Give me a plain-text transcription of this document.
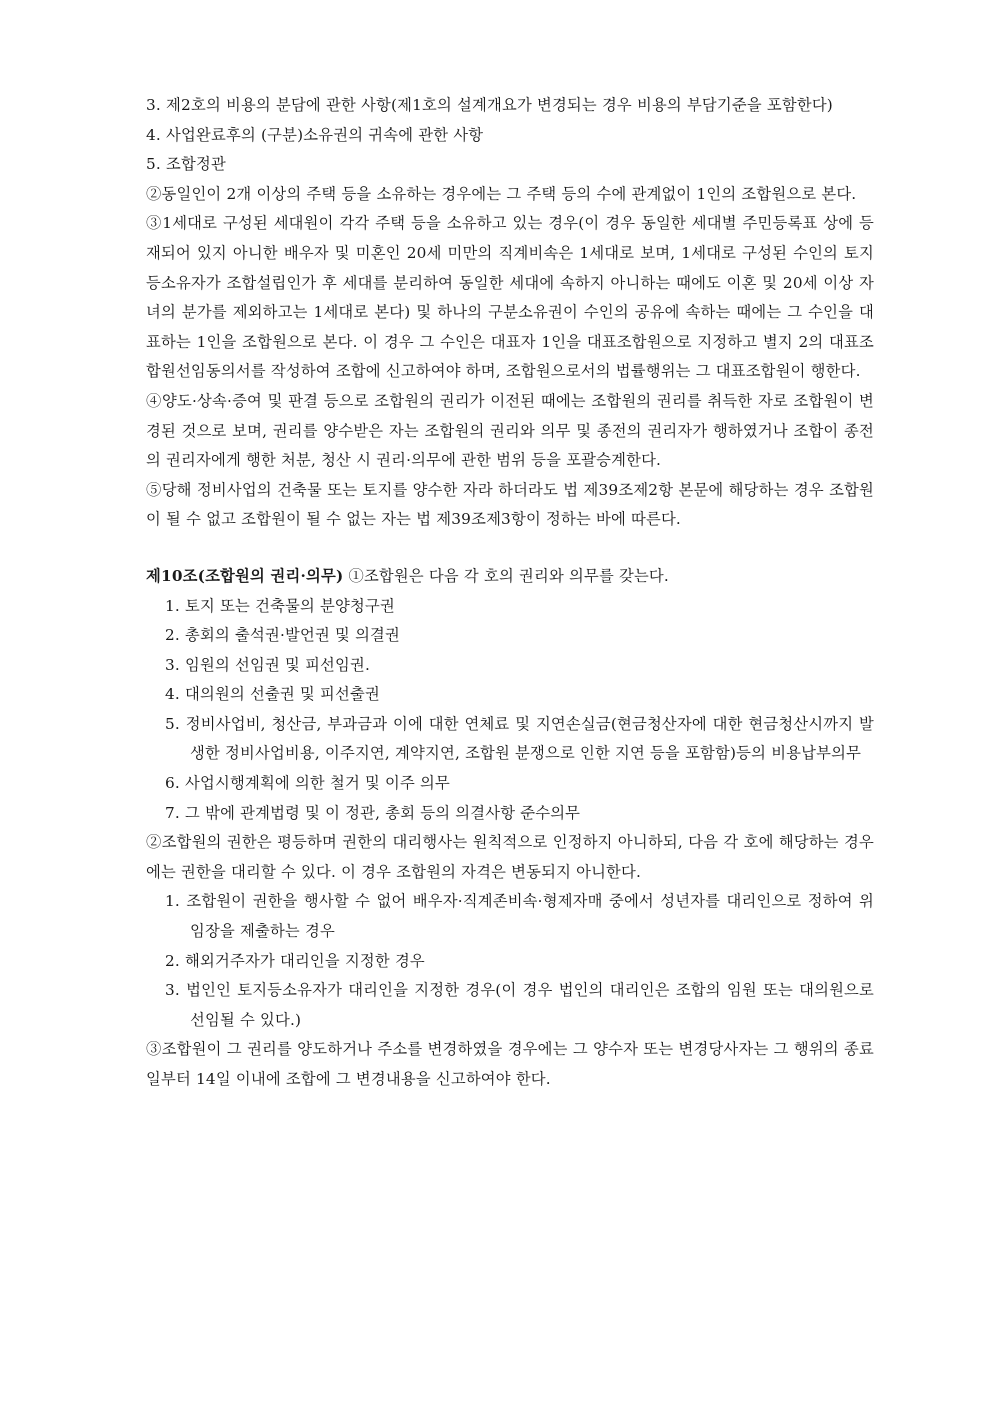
3. 제2호의 비용의 분담에 관한 사항(제1호의 설계개요가 변경되는 경우 비용의 부담기준을 포함한다)

4. 사업완료후의 (구분)소유권의 귀속에 관한 사항

5. 조합정관

②동일인이 2개 이상의 주택 등을 소유하는 경우에는 그 주택 등의 수에 관계없이 1인의 조합원으로 본다.

③1세대로 구성된 세대원이 각각 주택 등을 소유하고 있는 경우(이 경우 동일한 세대별 주민등록표 상에 등재되어 있지 아니한 배우자 및 미혼인 20세 미만의 직계비속은 1세대로 보며, 1세대로 구성된 수인의 토지등소유자가 조합설립인가 후 세대를 분리하여 동일한 세대에 속하지 아니하는 때에도 이혼 및 20세 이상 자녀의 분가를 제외하고는 1세대로 본다) 및 하나의 구분소유권이 수인의 공유에 속하는 때에는 그 수인을 대표하는 1인을 조합원으로 본다. 이 경우 그 수인은 대표자 1인을 대표조합원으로 지정하고 별지 2의 대표조합원선임동의서를 작성하여 조합에 신고하여야 하며, 조합원으로서의 법률행위는 그 대표조합원이 행한다.

④양도·상속·증여 및 판결 등으로 조합원의 권리가 이전된 때에는 조합원의 권리를 취득한 자로 조합원이 변경된 것으로 보며, 권리를 양수받은 자는 조합원의 권리와 의무 및 종전의 권리자가 행하였거나 조합이 종전의 권리자에게 행한 처분, 청산 시 권리·의무에 관한 범위 등을 포괄승계한다.

⑤당해 정비사업의 건축물 또는 토지를 양수한 자라 하더라도 법 제39조제2항 본문에 해당하는 경우 조합원이 될 수 없고 조합원이 될 수 없는 자는 법 제39조제3항이 정하는 바에 따른다.

제10조(조합원의 권리·의무) ①조합원은 다음 각 호의 권리와 의무를 갖는다.

1. 토지 또는 건축물의 분양청구권

2. 총회의 출석권·발언권 및 의결권

3. 임원의 선임권 및 피선임권.

4. 대의원의 선출권 및 피선출권

5. 정비사업비, 청산금, 부과금과 이에 대한 연체료 및 지연손실금(현금청산자에 대한 현금청산시까지 발생한 정비사업비용, 이주지연, 계약지연, 조합원 분쟁으로 인한 지연 등을 포함함)등의 비용납부의무

6. 사업시행계획에 의한 철거 및 이주 의무

7. 그 밖에 관계법령 및 이 정관, 총회 등의 의결사항 준수의무

②조합원의 권한은 평등하며 권한의 대리행사는 원칙적으로 인정하지 아니하되, 다음 각 호에 해당하는 경우에는 권한을 대리할 수 있다. 이 경우 조합원의 자격은 변동되지 아니한다.

1. 조합원이 권한을 행사할 수 없어 배우자·직계존비속·형제자매 중에서 성년자를 대리인으로 정하여 위임장을 제출하는 경우

2. 해외거주자가 대리인을 지정한 경우

3. 법인인 토지등소유자가 대리인을 지정한 경우(이 경우 법인의 대리인은 조합의 임원 또는 대의원으로 선임될 수 있다.)

③조합원이 그 권리를 양도하거나 주소를 변경하였을 경우에는 그 양수자 또는 변경당사자는 그 행위의 종료일부터 14일 이내에 조합에 그 변경내용을 신고하여야 한다.
